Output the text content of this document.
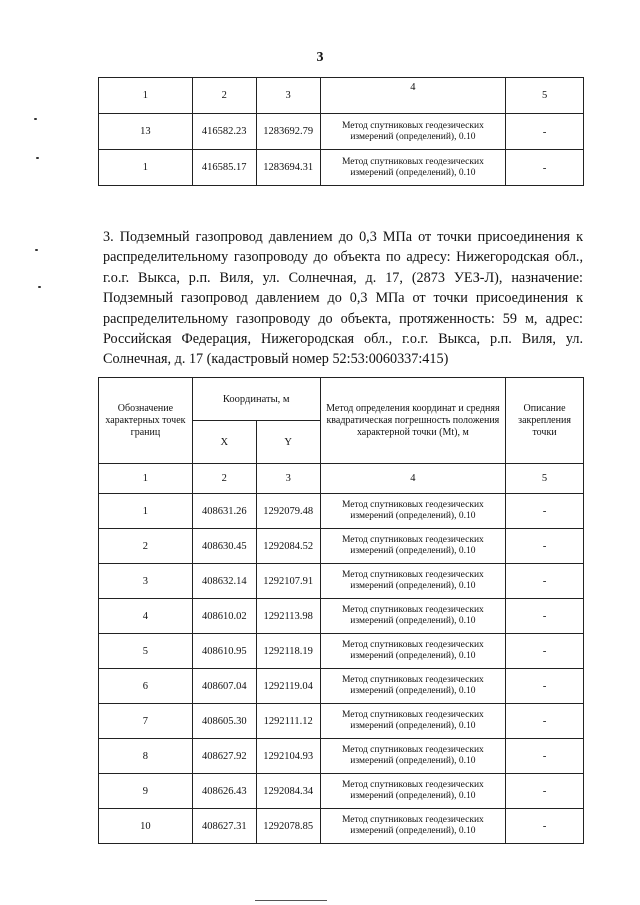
3
1	2	3	4	5
13	416582.23	1283692.79	Метод спутниковых геодезических измерений (определений), 0.10	-
1	416585.17	1283694.31	Метод спутниковых геодезических измерений (определений), 0.10	-

3. Подземный газопровод давлением до 0,3 МПа от точки присоединения к распределительному газопроводу до объекта по адресу: Нижегородская обл., г.о.г. Выкса, р.п. Виля, ул. Солнечная, д. 17, (2873 УЕЗ-Л), назначение: Подземный газопровод давлением до 0,3 МПа от точки присоединения к распределительному газопроводу до объекта, протяженность: 59 м, адрес: Российская Федерация, Нижегородская обл., г.о.г. Выкса, р.п. Виля, ул. Солнечная, д. 17 (кадастровый номер 52:53:0060337:415)

Обозначение характерных точек границ	Координаты, м		Метод определения координат и средняя квадратическая погрешность положения характерной точки (Mt), м	Описание закрепления точки
	X	Y		
1	2	3	4	5
1	408631.26	1292079.48	Метод спутниковых геодезических измерений (определений), 0.10	-
2	408630.45	1292084.52	Метод спутниковых геодезических измерений (определений), 0.10	-
3	408632.14	1292107.91	Метод спутниковых геодезических измерений (определений), 0.10	-
4	408610.02	1292113.98	Метод спутниковых геодезических измерений (определений), 0.10	-
5	408610.95	1292118.19	Метод спутниковых геодезических измерений (определений), 0.10	-
6	408607.04	1292119.04	Метод спутниковых геодезических измерений (определений), 0.10	-
7	408605.30	1292111.12	Метод спутниковых геодезических измерений (определений), 0.10	-
8	408627.92	1292104.93	Метод спутниковых геодезических измерений (определений), 0.10	-
9	408626.43	1292084.34	Метод спутниковых геодезических измерений (определений), 0.10	-
10	408627.31	1292078.85	Метод спутниковых геодезических измерений (определений), 0.10	-
